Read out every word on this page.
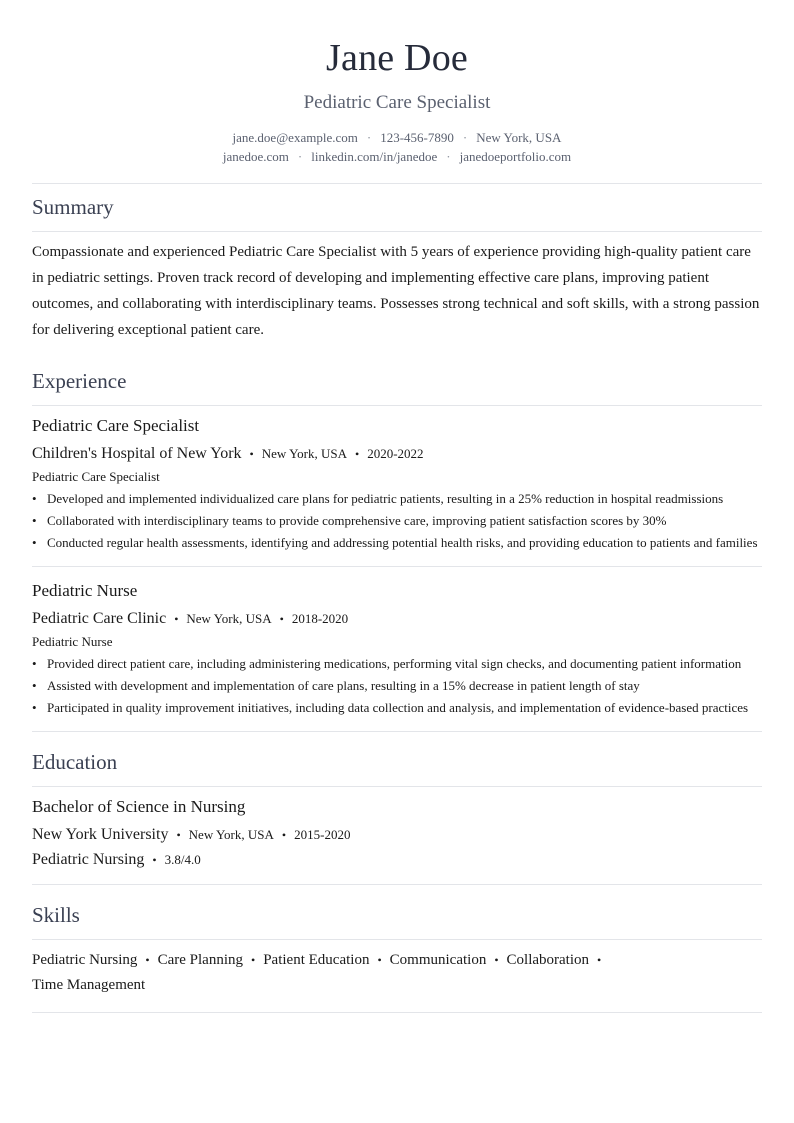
Jane Doe
Pediatric Care Specialist
jane.doe@example.com · 123-456-7890 · New York, USA
janedoe.com · linkedin.com/in/janedoe · janedoeportfolio.com
Summary

Compassionate and experienced Pediatric Care Specialist with 5 years of experience providing high-quality patient care in pediatric settings. Proven track record of developing and implementing effective care plans, improving patient outcomes, and collaborating with interdisciplinary teams. Possesses strong technical and soft skills, with a strong passion for delivering exceptional patient care.

Experience
Pediatric Care Specialist
Children's Hospital of New York • New York, USA • 2020-2022
Pediatric Care Specialist
• Developed and implemented individualized care plans for pediatric patients, resulting in a 25% reduction in hospital readmissions
• Collaborated with interdisciplinary teams to provide comprehensive care, improving patient satisfaction scores by 30%
• Conducted regular health assessments, identifying and addressing potential health risks, and providing education to patients and families
Pediatric Nurse
Pediatric Care Clinic • New York, USA • 2018-2020
Pediatric Nurse
• Provided direct patient care, including administering medications, performing vital sign checks, and documenting patient information
• Assisted with development and implementation of care plans, resulting in a 15% decrease in patient length of stay
• Participated in quality improvement initiatives, including data collection and analysis, and implementation of evidence-based practices
Education
Bachelor of Science in Nursing
New York University • New York, USA • 2015-2020
Pediatric Nursing • 3.8/4.0
Skills
Pediatric Nursing • Care Planning • Patient Education • Communication • Collaboration •
Time Management
